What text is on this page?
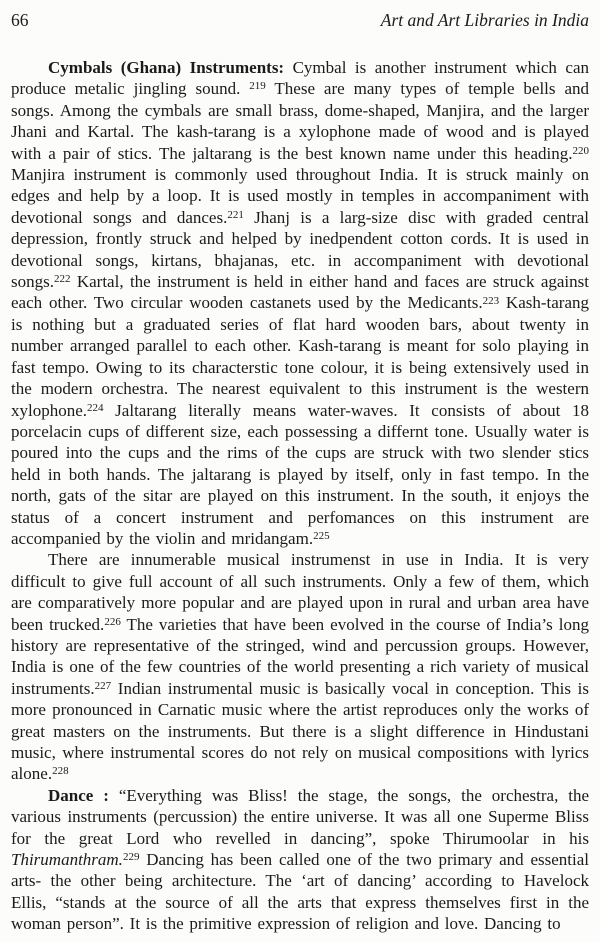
66	Art and Art Libraries in India

Cymbals (Ghana) Instruments: Cymbal is another instrument which can produce metalic jingling sound. $^{219}$ These are many types of temple bells and songs. Among the cymbals are small brass, dome-shaped, Manjira, and the larger Jhani and Kartal. The kash-tarang is a xylophone made of wood and is played with a pair of stics. The jaltarang is the best known name under this heading.$^{220}$ Manjira instrument is commonly used throughout India. It is struck mainly on edges and help by a loop. It is used mostly in temples in accompaniment with devotional songs and dances.$^{221}$ Jhanj is a larg-size disc with graded central depression, frontly struck and helped by inedpendent cotton cords. It is used in devotional songs, kirtans, bhajanas, etc. in accompaniment with devotional songs.$^{222}$ Kartal, the instrument is held in either hand and faces are struck against each other. Two circular wooden castanets used by the Medicants.$^{223}$ Kash-tarang is nothing but a graduated series of flat hard wooden bars, about twenty in number arranged parallel to each other. Kash-tarang is meant for solo playing in fast tempo. Owing to its characterstic tone colour, it is being extensively used in the modern orchestra. The nearest equivalent to this instrument is the western xylophone.$^{224}$ Jaltarang literally means water-waves. It consists of about 18 porcelacin cups of different size, each possessing a differnt tone. Usually water is poured into the cups and the rims of the cups are struck with two slender stics held in both hands. The jaltarang is played by itself, only in fast tempo. In the north, gats of the sitar are played on this instrument. In the south, it enjoys the status of a concert instrument and perfomances on this instrument are accompanied by the violin and mridangam.$^{225}$

There are innumerable musical instrumenst in use in India. It is very difficult to give full account of all such instruments. Only a few of them, which are comparatively more popular and are played upon in rural and urban area have been trucked.$^{226}$ The varieties that have been evolved in the course of India’s long history are representative of the stringed, wind and percussion groups. However, India is one of the few countries of the world presenting a rich variety of musical instruments.$^{227}$ Indian instrumental music is basically vocal in conception. This is more pronounced in Carnatic music where the artist reproduces only the works of great masters on the instruments. But there is a slight difference in Hindustani music, where instrumental scores do not rely on musical compositions with lyrics alone.$^{228}$

Dance : “Everything was Bliss! the stage, the songs, the orchestra, the various instruments (percussion) the entire universe. It was all one Superme Bliss for the great Lord who revelled in dancing”, spoke Thirumoolar in his Thirumanthram.$^{229}$ Dancing has been called one of the two primary and essential arts- the other being architecture. The ‘art of dancing’ according to Havelock Ellis, “stands at the source of all the arts that express themselves first in the woman person”. It is the primitive expression of religion and love. Dancing to
